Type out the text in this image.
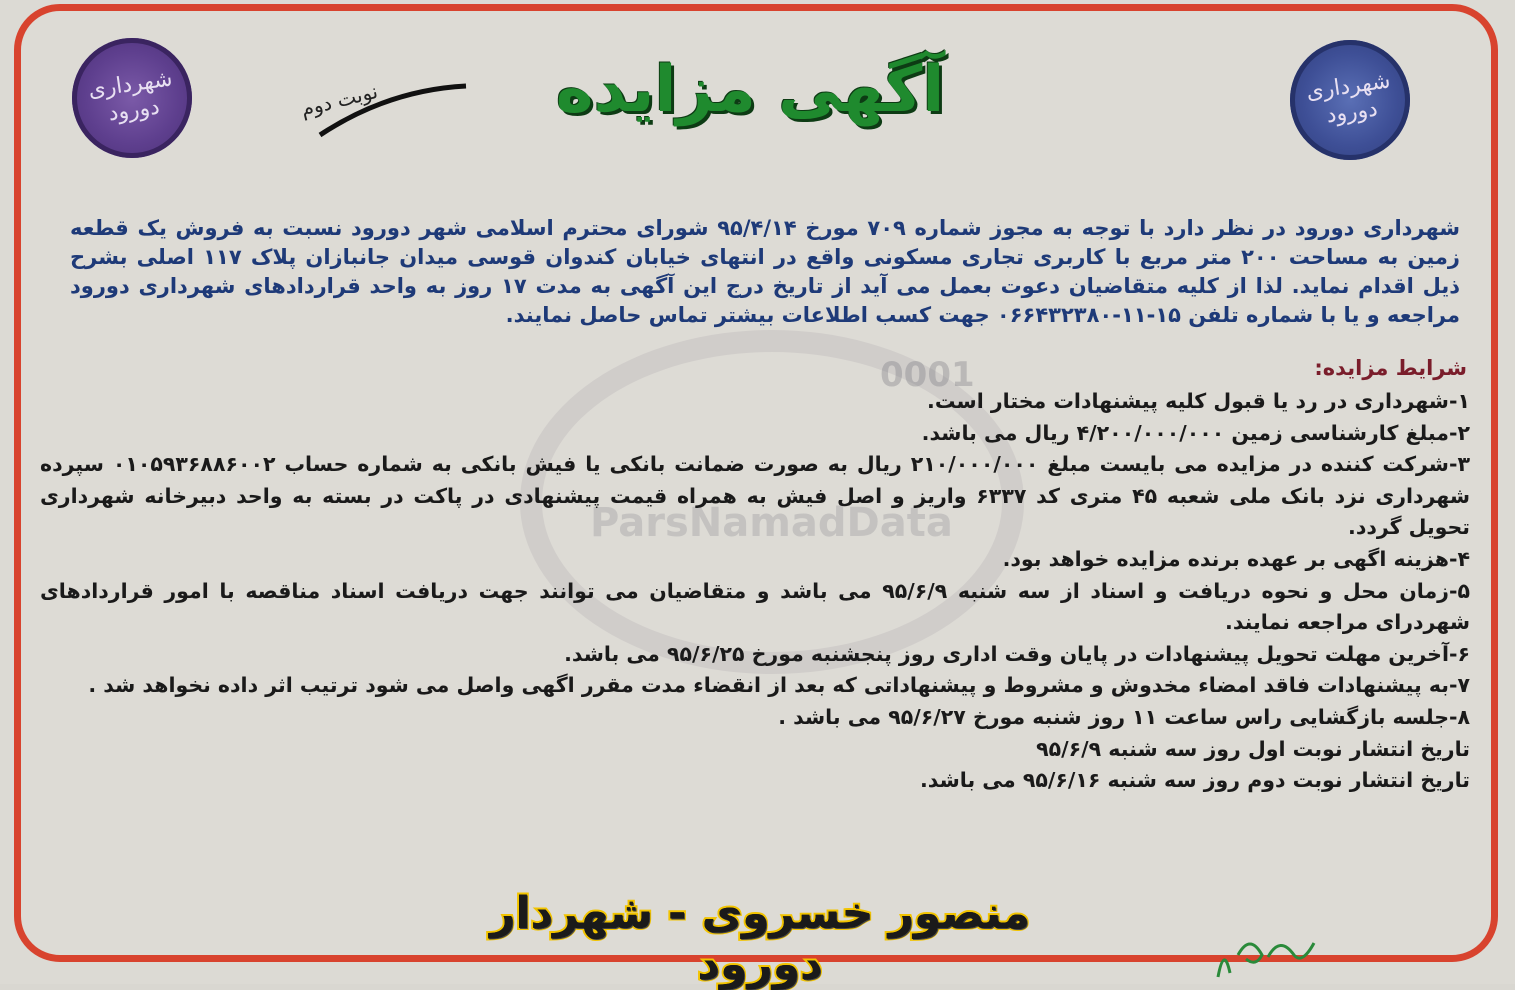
0001
ParsNamadData
شهرداری
دورود
شهرداری
دورود
نوبت دوم	آگهی مزایده
شهرداری دورود در نظر دارد با توجه به مجوز شماره ۷۰۹ مورخ ۹۵/۴/۱۴ شورای محترم اسلامی شهر دورود نسبت به فروش یک قطعه زمین به مساحت ۲۰۰ متر مربع با کاربری تجاری مسکونی واقع در انتهای خیابان کندوان قوسی میدان جانبازان پلاک ۱۱۷ اصلی بشرح ذیل اقدام نماید. لذا از کلیه متقاضیان دعوت بعمل می آید از تاریخ درج این آگهی به مدت ۱۷ روز به واحد قراردادهای شهرداری دورود مراجعه و یا با شماره تلفن ۱۵-۱۱-۰۶۶۴۳۲۳۸۰ جهت کسب اطلاعات بیشتر تماس حاصل نمایند.
شرایط مزایده:

۱-شهرداری در رد یا قبول کلیه پیشنهادات مختار است.

۲-مبلغ کارشناسی زمین ۴/۲۰۰/۰۰۰/۰۰۰ ریال می باشد.

۳-شرکت کننده در مزایده می بایست مبلغ ۲۱۰/۰۰۰/۰۰۰ ریال به صورت ضمانت بانکی یا فیش بانکی به شماره حساب ۰۱۰۵۹۳۶۸۸۶۰۰۲ سپرده شهرداری نزد بانک ملی شعبه ۴۵ متری کد ۶۳۳۷ واریز و اصل فیش به همراه قیمت پیشنهادی در پاکت در بسته به واحد دبیرخانه شهرداری تحویل گردد.

۴-هزینه اگهی بر عهده برنده مزایده خواهد بود.

۵-زمان محل و نحوه دریافت و اسناد از سه شنبه ۹۵/۶/۹ می باشد و متقاضیان می توانند جهت دریافت اسناد مناقصه با امور قراردادهای شهردرای مراجعه نمایند.

۶-آخرین مهلت تحویل پیشنهادات در پایان وقت اداری روز پنجشنبه مورخ ۹۵/۶/۲۵ می باشد.

۷-به پیشنهادات فاقد امضاء مخدوش و مشروط و پیشنهاداتی که بعد از انقضاء مدت مقرر اگهی واصل می شود ترتیب اثر داده نخواهد شد .

۸-جلسه بازگشایی راس ساعت ۱۱ روز شنبه مورخ ۹۵/۶/۲۷ می باشد .

تاریخ انتشار نوبت اول روز سه شنبه ۹۵/۶/۹

تاریخ انتشار نوبت دوم روز سه شنبه ۹۵/۶/۱۶ می باشد.

منصور خسروی - شهردار دورود
